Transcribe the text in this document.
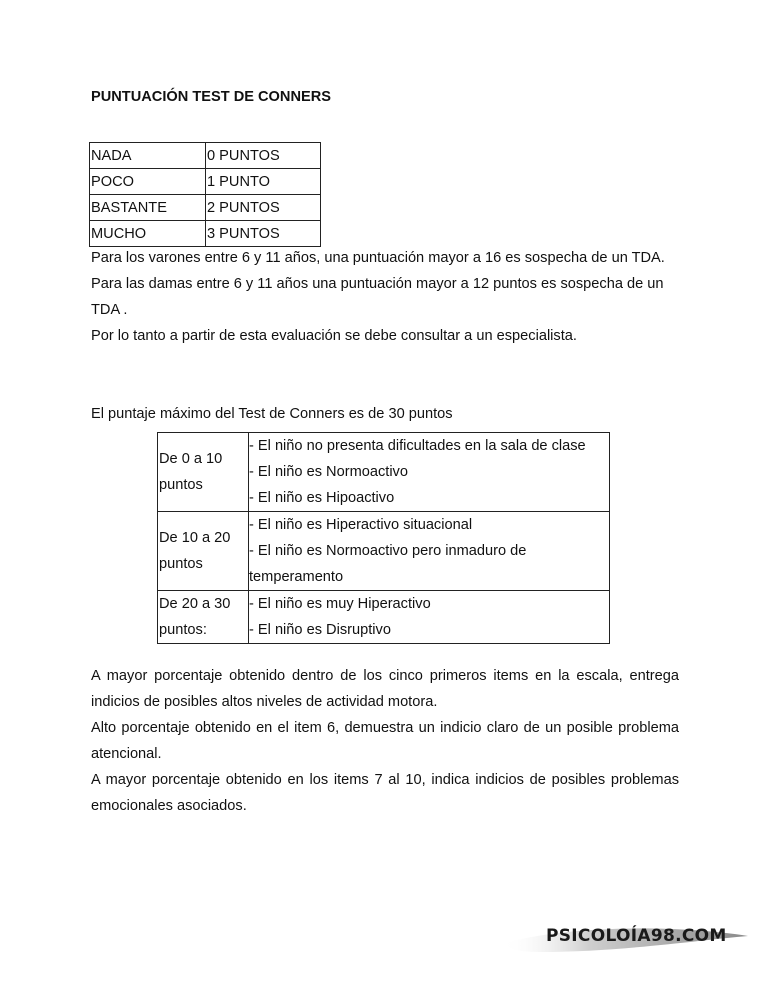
PUNTUACIÓN TEST DE CONNERS
NADA	0 PUNTOS
POCO	1 PUNTO
BASTANTE	2 PUNTOS
MUCHO	3 PUNTOS

Para los varones entre 6 y 11 años, una puntuación mayor a 16 es sospecha de un TDA.

Para las damas entre 6 y 11 años una puntuación mayor a 12 puntos es sospecha de un TDA .

Por lo tanto a partir de esta evaluación se debe consultar a un especialista.

El puntaje máximo del Test de Conners es de 30 puntos
De 0 a 10 puntos	- El niño no presenta dificultades en la sala de clase
- El niño es Normoactivo
- El niño es Hipoactivo

De 10 a 20 puntos	- El niño es Hiperactivo situacional
- El niño es Normoactivo pero inmaduro de temperamento

De 20 a 30 puntos:	- El niño es muy Hiperactivo
- El niño es Disruptivo

A mayor porcentaje obtenido dentro de los cinco primeros items en la escala, entrega indicios de posibles altos niveles de actividad motora.

Alto porcentaje obtenido en el item 6, demuestra un indicio claro de un posible problema atencional.

A mayor porcentaje obtenido en los items 7 al 10, indica indicios de posibles problemas emocionales asociados.

PSICOLOÍA98.COM
